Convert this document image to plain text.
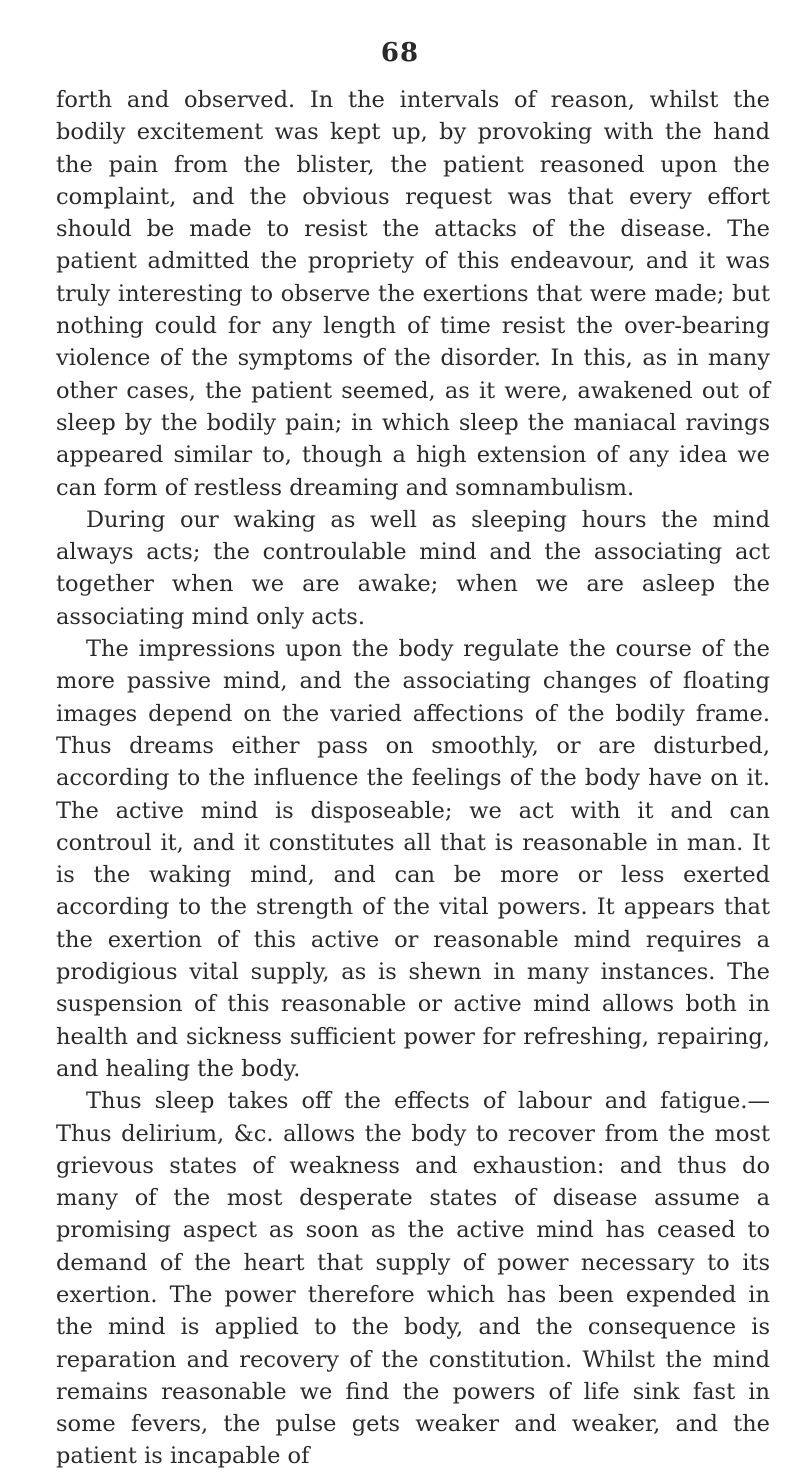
68

forth and observed. In the intervals of reason, whilst the bodily excitement was kept up, by provoking with the hand the pain from the blister, the patient reasoned upon the complaint, and the obvious request was that every effort should be made to resist the attacks of the disease. The patient admitted the propriety of this endeavour, and it was truly interesting to observe the exertions that were made; but nothing could for any length of time resist the over-bearing violence of the symptoms of the disorder. In this, as in many other cases, the patient seemed, as it were, awakened out of sleep by the bodily pain; in which sleep the maniacal ravings appeared similar to, though a high extension of any idea we can form of restless dreaming and somnambulism.

During our waking as well as sleeping hours the mind always acts; the controulable mind and the associating act together when we are awake; when we are asleep the associating mind only acts.

The impressions upon the body regulate the course of the more passive mind, and the associating changes of floating images depend on the varied affections of the bodily frame. Thus dreams either pass on smoothly, or are disturbed, according to the influence the feelings of the body have on it. The active mind is disposeable; we act with it and can controul it, and it constitutes all that is reasonable in man. It is the waking mind, and can be more or less exerted according to the strength of the vital powers. It appears that the exertion of this active or reasonable mind requires a prodigious vital supply, as is shewn in many instances. The suspension of this reasonable or active mind allows both in health and sickness sufficient power for refreshing, repairing, and healing the body.

Thus sleep takes off the effects of labour and fatigue.— Thus delirium, &c. allows the body to recover from the most grievous states of weakness and exhaustion: and thus do many of the most desperate states of disease assume a promising aspect as soon as the active mind has ceased to demand of the heart that supply of power necessary to its exertion. The power therefore which has been expended in the mind is applied to the body, and the consequence is reparation and recovery of the constitution. Whilst the mind remains reasonable we find the powers of life sink fast in some fevers, the pulse gets weaker and weaker, and the patient is incapable of
